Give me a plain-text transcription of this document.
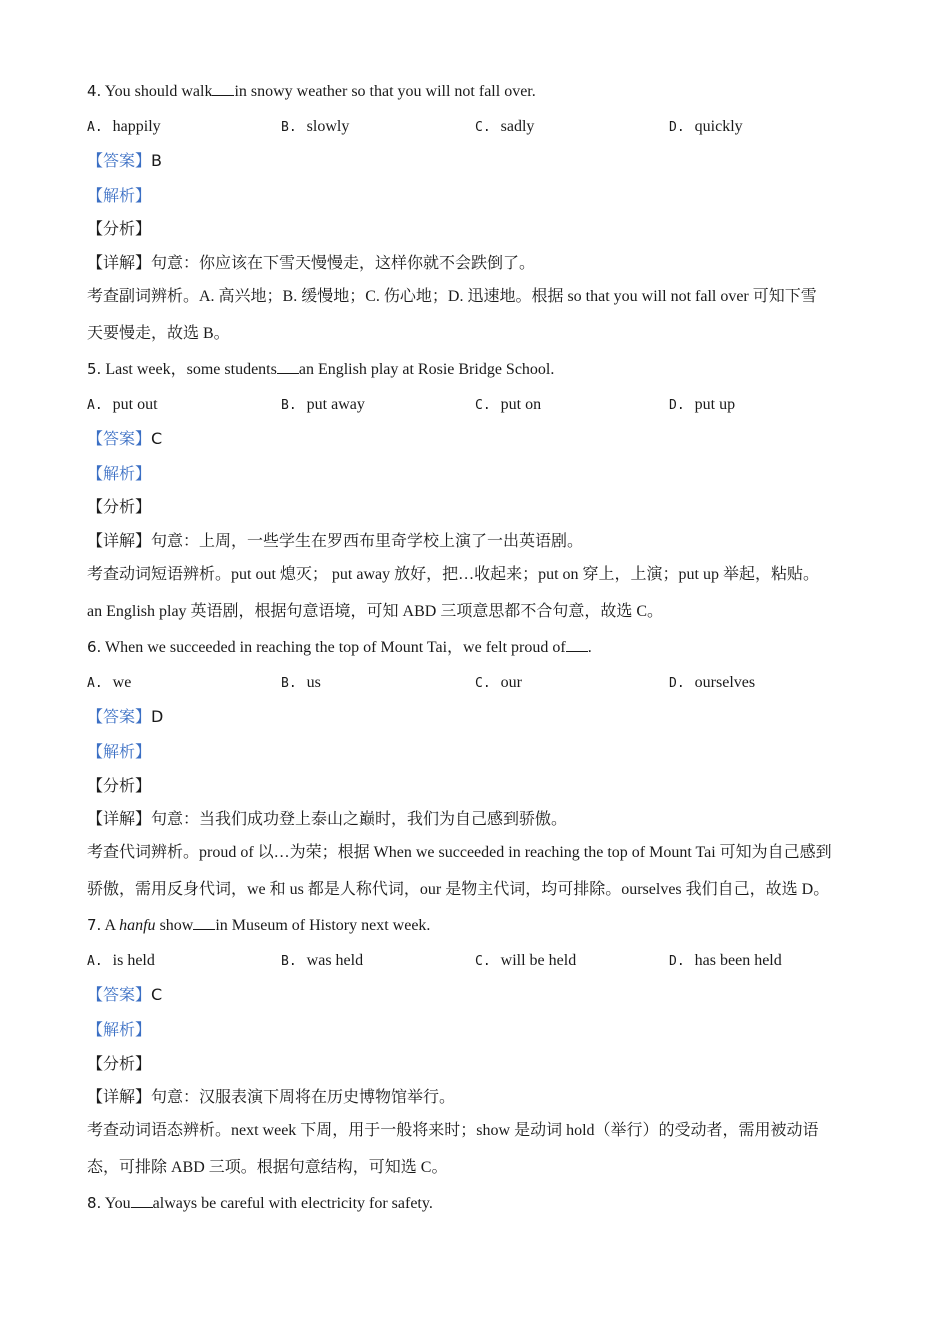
4. You should walk in snowy weather so that you will not fall over.
A. happily	B. slowly	C. sadly	D. quickly
【答案】B
【解析】
【分析】
【详解】句意：你应该在下雪天慢慢走，这样你就不会跌倒了。
考查副词辨析。A. 高兴地；B. 缓慢地；C. 伤心地；D. 迅速地。根据 so that you will not fall over 可知下雪
天要慢走，故选 B。
5. Last week，some students an English play at Rosie Bridge School.
A. put out	B. put away	C. put on	D. put up
【答案】C
【解析】
【分析】
【详解】句意：上周，一些学生在罗西布里奇学校上演了一出英语剧。
考查动词短语辨析。put out 熄灭； put away 放好，把…收起来；put on 穿上，上演；put up 举起，粘贴。
an English play 英语剧，根据句意语境，可知 ABD 三项意思都不合句意，故选 C。
6. When we succeeded in reaching the top of Mount Tai，we felt proud of .
A. we	B. us	C. our	D. ourselves
【答案】D
【解析】
【分析】
【详解】句意：当我们成功登上泰山之巅时，我们为自己感到骄傲。
考查代词辨析。proud of 以…为荣；根据 When we succeeded in reaching the top of Mount Tai 可知为自己感到
骄傲，需用反身代词，we 和 us 都是人称代词，our 是物主代词，均可排除。ourselves 我们自己，故选 D。
7. A hanfu show in Museum of History next week.
A. is held	B. was held	C. will be held	D. has been held
【答案】C
【解析】
【分析】
【详解】句意：汉服表演下周将在历史博物馆举行。
考查动词语态辨析。next week 下周，用于一般将来时；show 是动词 hold（举行）的受动者，需用被动语
态，可排除 ABD 三项。根据句意结构，可知选 C。
8. You always be careful with electricity for safety.
